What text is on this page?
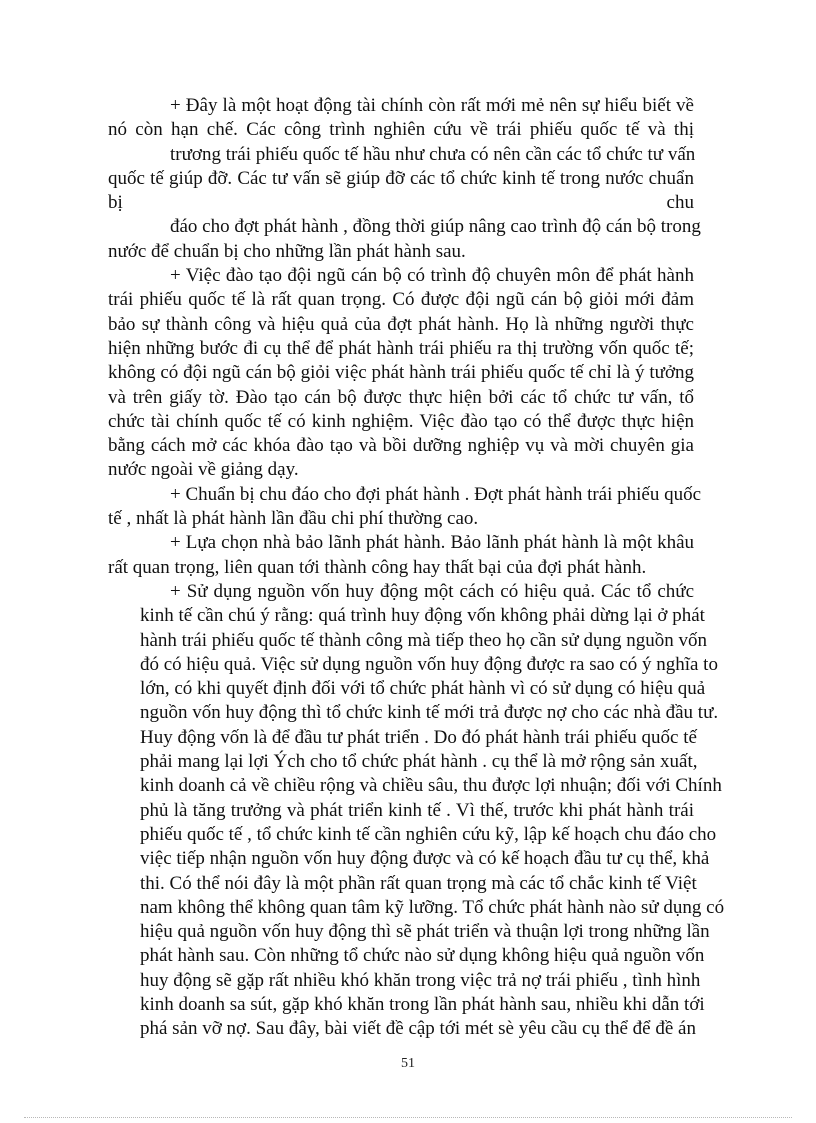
+ Đây là một hoạt động tài chính còn rất mới mẻ nên sự hiểu biết về
nó còn hạn chế. Các công trình nghiên cứu về trái phiếu quốc tế và thị
trương trái phiếu quốc tế hầu như chưa có nên cần các tổ chức tư vấn
quốc tế giúp đỡ. Các tư vấn sẽ giúp đỡ các tổ chức kinh tế trong nước chuẩn
bị chu
đáo cho đợt phát hành , đồng thời giúp nâng cao trình độ cán bộ trong
nước để chuẩn bị cho những lần phát hành sau.
+ Việc đào tạo đội ngũ cán bộ có trình độ chuyên môn để phát hành
trái phiếu quốc tế là rất quan trọng. Có được đội ngũ cán bộ giỏi mới đảm
bảo sự thành công và hiệu quả của đợt phát hành. Họ là những người thực
hiện những bước đi cụ thể để phát hành trái phiếu ra thị trường vốn quốc tế;
không có đội ngũ cán bộ giỏi việc phát hành trái phiếu quốc tế chỉ là ý tưởng
và trên giấy tờ. Đào tạo cán bộ được thực hiện bởi các tổ chức tư vấn, tổ
chức tài chính quốc tế có kinh nghiệm. Việc đào tạo có thể được thực hiện
bằng cách mở các khóa đào tạo và bồi dưỡng nghiệp vụ và mời chuyên gia
nước ngoài về giảng dạy.
+ Chuẩn bị chu đáo cho đợi phát hành . Đợt phát hành trái phiếu quốc
tế , nhất là phát hành lần đầu chi phí thường cao.
+ Lựa chọn nhà bảo lãnh phát hành. Bảo lãnh phát hành là một khâu
rất quan trọng, liên quan tới thành công hay thất bại của đợi phát hành.
+ Sử dụng nguồn vốn huy động một cách có hiệu quả. Các tổ chức
kinh tế cần chú ý rằng: quá trình huy động vốn không phải dừng lại ở phát
hành trái phiếu quốc tế thành công mà tiếp theo họ cần sử dụng nguồn vốn
đó có hiệu quả. Việc sử dụng nguồn vốn huy động được ra sao có ý nghĩa to
lớn, có khi quyết định đối với tổ chức phát hành vì có sử dụng có hiệu quả
nguồn vốn huy động thì tổ chức kinh tế mới trả được nợ cho các nhà đầu tư.
Huy động vốn là để đầu tư phát triển . Do đó phát hành trái phiếu quốc tế
phải mang lại lợi Ých cho tổ chức phát hành . cụ thể là mở rộng sản xuất,
kinh doanh cả về chiều rộng và chiều sâu, thu được lợi nhuận; đối với Chính
phủ là tăng trưởng và phát triển kinh tế . Vì thế, trước khi phát hành trái
phiếu quốc tế , tổ chức kinh tế cần nghiên cứu kỹ, lập kế hoạch chu đáo cho
việc tiếp nhận nguồn vốn huy động được và có kế hoạch đầu tư cụ thể, khả
thi. Có thể nói đây là một phần rất quan trọng mà các tổ chắc kinh tế Việt
nam không thể không quan tâm kỹ lưỡng. Tổ chức phát hành nào sử dụng có
hiệu quả nguồn vốn huy động thì sẽ phát triển và thuận lợi trong những lần
phát hành sau. Còn những tổ chức nào sử dụng không hiệu quả nguồn vốn
huy động sẽ gặp rất nhiều khó khăn trong việc trả nợ trái phiếu , tình hình
kinh doanh sa sút, gặp khó khăn trong lần phát hành sau, nhiều khi dẫn tới
phá sản vỡ nợ. Sau đây, bài viết đề cập tới mét sè yêu cầu cụ thể để đề án
51
